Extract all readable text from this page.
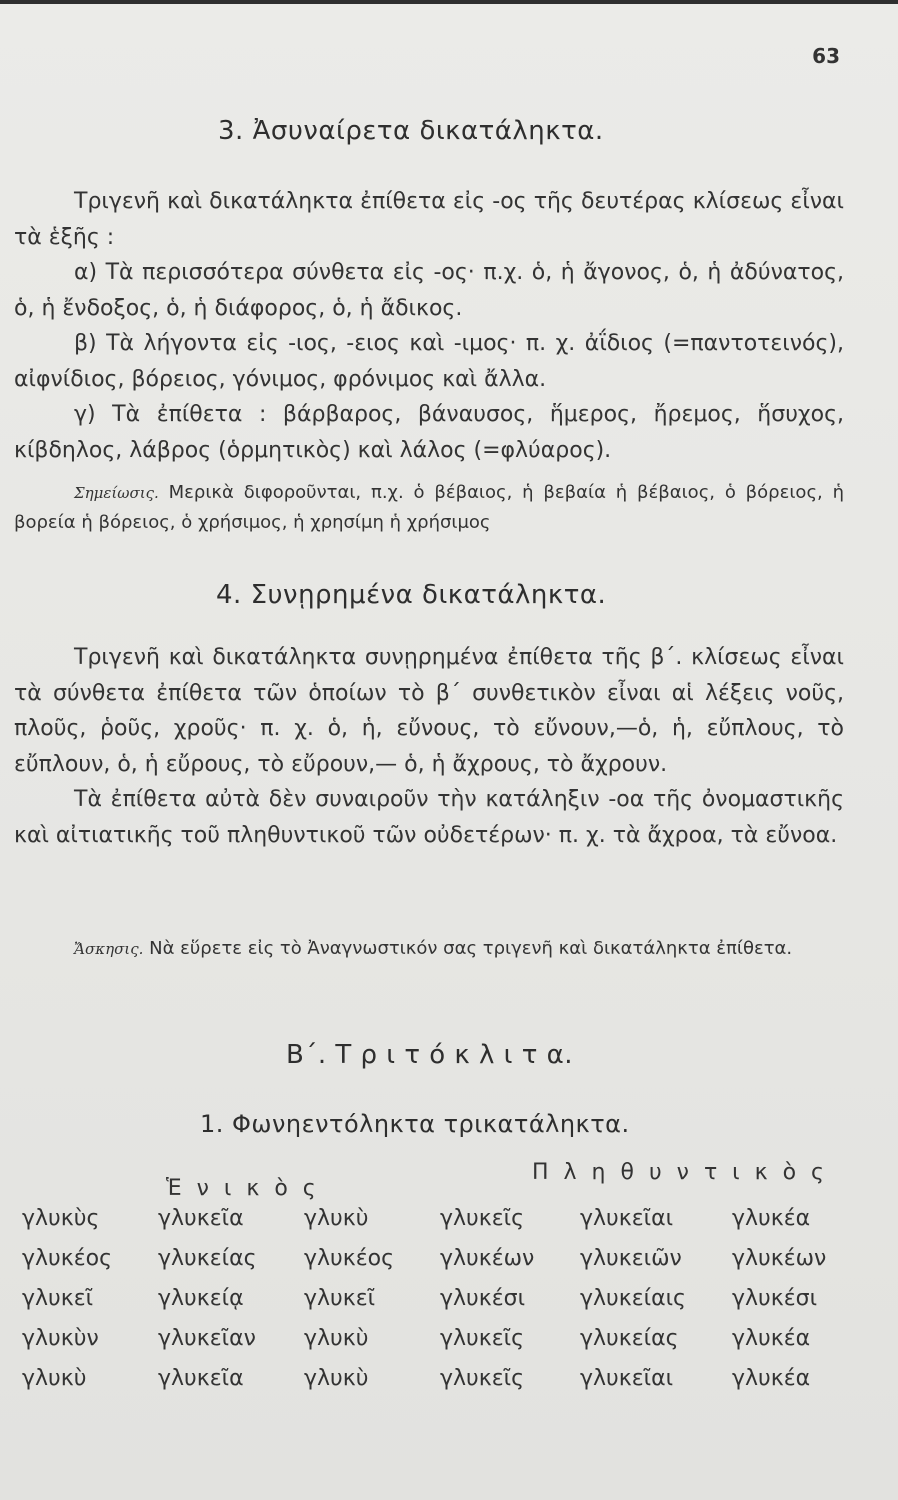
63
3. Ἀσυναίρετα δικατάληκτα.

Τριγενῆ καὶ δικατάληκτα ἐπίθετα εἰς -ος τῆς δευτέρας κλίσεως εἶναι τὰ ἑξῆς :

α) Τὰ περισσότερα σύνθετα εἰς -ος· π.χ. ὁ, ἡ ἄγονος, ὁ, ἡ ἀδύνατος, ὁ, ἡ ἔνδοξος, ὁ, ἡ διάφορος, ὁ, ἡ ἄδικος.

β) Τὰ λήγοντα εἰς -ιος, -ειος καὶ -ιμος· π. χ. ἀΐδιος (=παντοτεινός), αἰφνίδιος, βόρειος, γόνιμος, φρόνιμος καὶ ἄλλα.

γ) Τὰ ἐπίθετα : βάρβαρος, βάναυσος, ἥμερος, ἤρεμος, ἥσυχος, κίβδηλος, λάβρος (ὁρμητικὸς) καὶ λάλος (=φλύαρος).

Σημείωσις. Μερικὰ διφοροῦνται, π.χ. ὁ βέβαιος, ἡ βεβαία ἡ βέβαιος, ὁ βόρειος, ἡ βορεία ἡ βόρειος, ὁ χρήσιμος, ἡ χρησίμη ἡ χρήσιμος

4. Συνῃρημένα δικατάληκτα.

Τριγενῆ καὶ δικατάληκτα συνῃρημένα ἐπίθετα τῆς β΄. κλίσεως εἶναι τὰ σύνθετα ἐπίθετα τῶν ὁποίων τὸ β΄ συνθετικὸν εἶναι αἱ λέξεις νοῦς, πλοῦς, ῥοῦς, χροῦς· π. χ. ὁ, ἡ, εὔνους, τὸ εὔνουν,—ὁ, ἡ, εὔπλους, τὸ εὔπλουν, ὁ, ἡ εὔρους, τὸ εὔρουν,— ὁ, ἡ ἄχρους, τὸ ἄχρουν.

Τὰ ἐπίθετα αὐτὰ δὲν συναιροῦν τὴν κατάληξιν -οα τῆς ὀνομαστικῆς καὶ αἰτιατικῆς τοῦ πληθυντικοῦ τῶν οὐδετέρων· π. χ. τὰ ἄχροα, τὰ εὔνοα.

Ἄσκησις. Νὰ εὕρετε εἰς τὸ Ἀναγνωστικόν σας τριγενῆ καὶ δικατάληκτα ἐπίθετα.

Β΄. Τ ρ ι τ ό κ λ ι τ α.
1. Φωνηεντόληκτα τρικατάληκτα.
Ἑ ν ι κ ὸ ς
Π λ η θ υ ν τ ι κ ὸ ς
γλυκὺς	γλυκεῖα	γλυκὺ	γλυκεῖς	γλυκεῖαι	γλυκέα
γλυκέος γλυκείας γλυκέος γλυκέων γλυκειῶν γλυκέων
γλυκεῖ	γλυκείᾳ	γλυκεῖ	γλυκέσι γλυκείαις γλυκέσι
γλυκὺν	γλυκεῖαν γλυκὺ	γλυκεῖς	γλυκείας γλυκέα
γλυκὺ	γλυκεῖα	γλυκὺ	γλυκεῖς	γλυκεῖαι	γλυκέα
